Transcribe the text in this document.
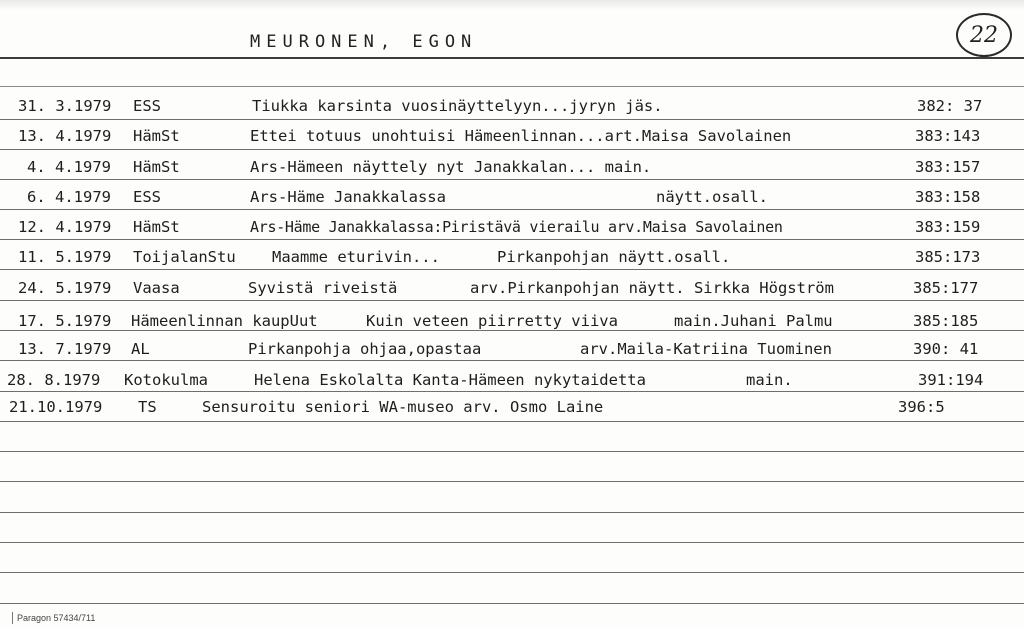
MEURONEN, EGON	22
31. 3.1979 ESS	Tiukka karsinta vuosinäyttelyyn...jyryn jäs.	382: 37
13. 4.1979 HämSt	Ettei totuus unohtuisi Hämeenlinnan...art.Maisa Savolainen	383:143
4. 4.1979 HämSt	Ars-Hämeen näyttely nyt Janakkalan... main.	383:157
6. 4.1979 ESS	Ars-Häme Janakkalassa	näytt.osall.	383:158
12. 4.1979 HämSt	Ars-Häme Janakkalassa:Piristävä vierailu arv.Maisa Savolainen	383:159
11. 5.1979 ToijalanStu Maamme eturivin...	Pirkanpohjan näytt.osall.	385:173
24. 5.1979 Vaasa	Syvistä riveistä	arv.Pirkanpohjan näytt. Sirkka Högström	385:177
17. 5.1979 Hämeenlinnan kaupUut	Kuin veteen piirretty viiva	main.Juhani Palmu	385:185
13. 7.1979 AL	Pirkanpohja ohjaa,opastaa	arv.Maila-Katriina Tuominen	390: 41
28. 8.1979 Kotokulma	Helena Eskolalta Kanta-Hämeen nykytaidetta	main.	391:194
21.10.1979 TS	Sensuroitu seniori WA-museo arv. Osmo Laine	396:5
Paragon 57434/711
